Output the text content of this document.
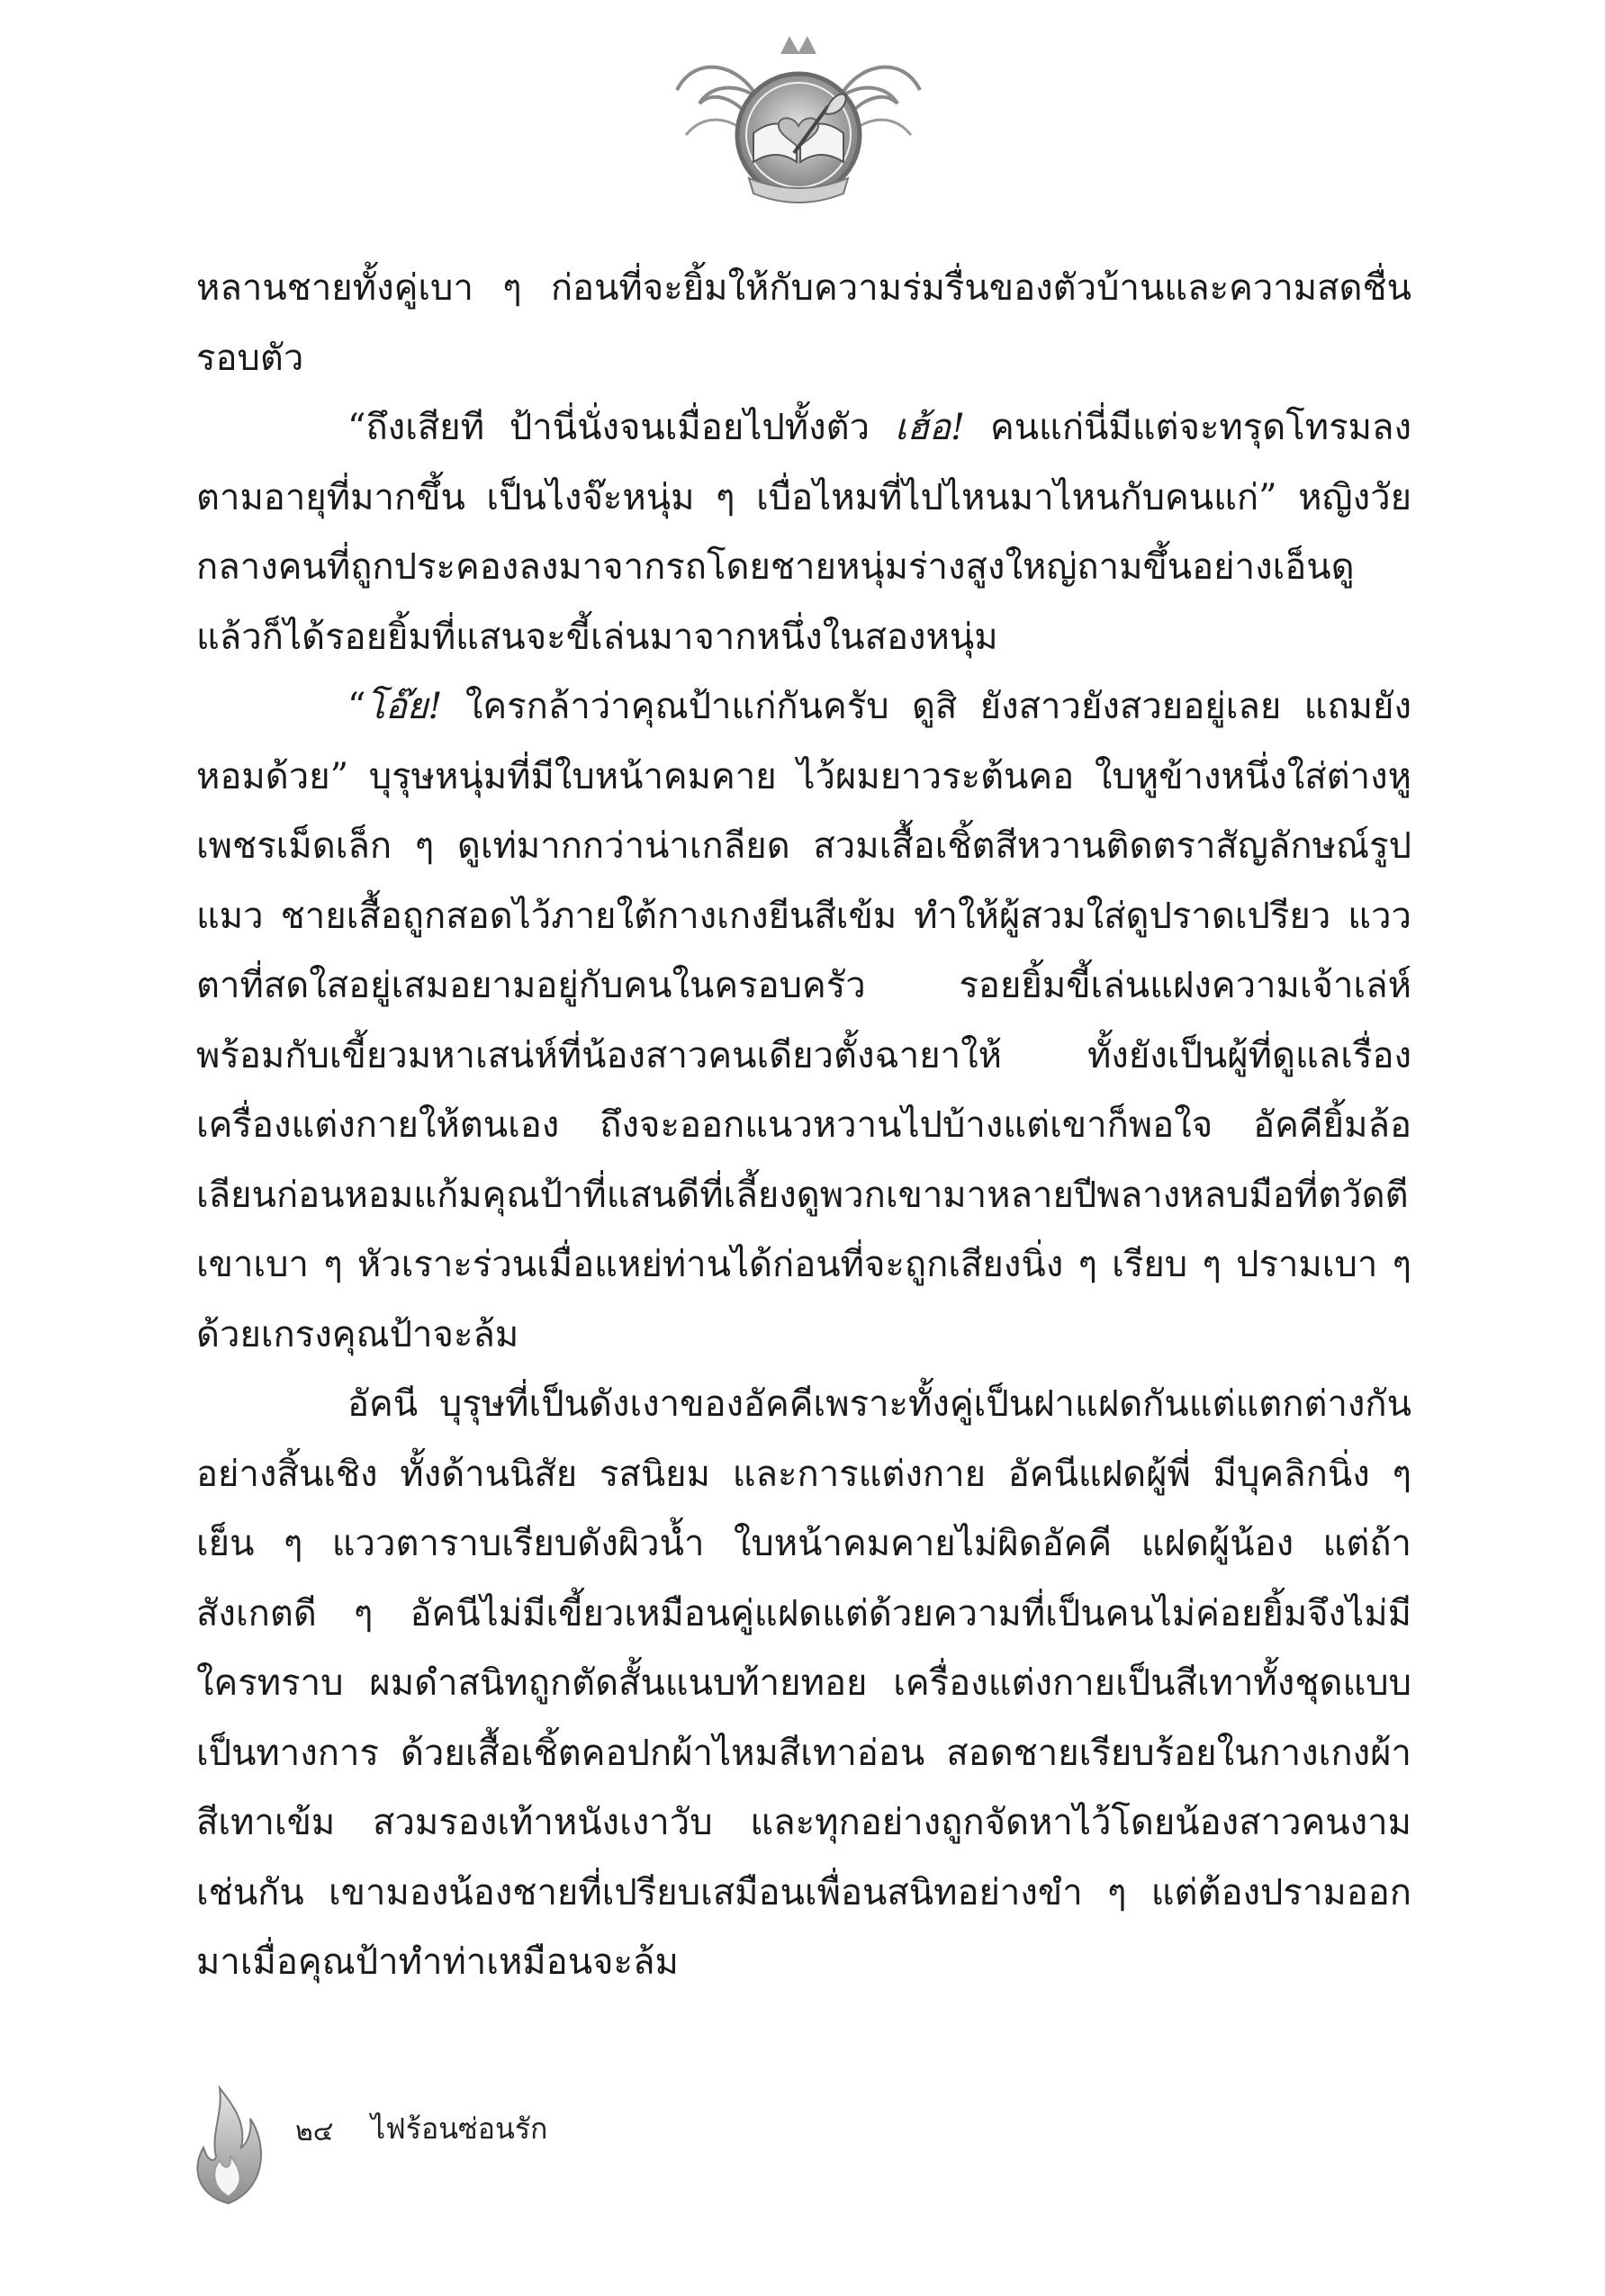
หลานชายทั้งคู่เบา ๆ ก่อนที่จะยิ้มให้กับความร่มรื่นของตัวบ้านและความสดชื่นรอบตัว

“ถึงเสียที ป้านี่นั่งจนเมื่อยไปทั้งตัว เฮ้อ! คนแก่นี่มีแต่จะทรุดโทรมลงตามอายุที่มากขึ้น เป็นไงจ๊ะหนุ่ม ๆ เบื่อไหมที่ไปไหนมาไหนกับคนแก่” หญิงวัยกลางคนที่ถูกประคองลงมาจากรถโดยชายหนุ่มร่างสูงใหญ่ถามขึ้นอย่างเอ็นดู แล้วก็ได้รอยยิ้มที่แสนจะขี้เล่นมาจากหนึ่งในสองหนุ่ม

“โอ๊ย! ใครกล้าว่าคุณป้าแก่กันครับ ดูสิ ยังสาวยังสวยอยู่เลย แถมยังหอมด้วย” บุรุษหนุ่มที่มีใบหน้าคมคาย ไว้ผมยาวระต้นคอ ใบหูข้างหนึ่งใส่ต่างหูเพชรเม็ดเล็ก ๆ ดูเท่มากกว่าน่าเกลียด สวมเสื้อเชิ้ตสีหวานติดตราสัญลักษณ์รูปแมว ชายเสื้อถูกสอดไว้ภายใต้กางเกงยีนสีเข้ม ทำให้ผู้สวมใส่ดูปราดเปรียว แววตาที่สดใสอยู่เสมอยามอยู่กับคนในครอบครัว รอยยิ้มขี้เล่นแฝงความเจ้าเล่ห์พร้อมกับเขี้ยวมหาเสน่ห์ที่น้องสาวคนเดียวตั้งฉายาให้ ทั้งยังเป็นผู้ที่ดูแลเรื่องเครื่องแต่งกายให้ตนเอง ถึงจะออกแนวหวานไปบ้างแต่เขาก็พอใจ อัคคียิ้มล้อเลียนก่อนหอมแก้มคุณป้าที่แสนดีที่เลี้ยงดูพวกเขามาหลายปีพลางหลบมือที่ตวัดตีเขาเบา ๆ หัวเราะร่วนเมื่อแหย่ท่านได้ก่อนที่จะถูกเสียงนิ่ง ๆ เรียบ ๆ ปรามเบา ๆ ด้วยเกรงคุณป้าจะล้ม

อัคนี บุรุษที่เป็นดังเงาของอัคคีเพราะทั้งคู่เป็นฝาแฝดกันแต่แตกต่างกันอย่างสิ้นเชิง ทั้งด้านนิสัย รสนิยม และการแต่งกาย อัคนีแฝดผู้พี่ มีบุคลิกนิ่ง ๆ เย็น ๆ แววตาราบเรียบดังผิวน้ำ ใบหน้าคมคายไม่ผิดอัคคี แฝดผู้น้อง แต่ถ้าสังเกตดี ๆ อัคนีไม่มีเขี้ยวเหมือนคู่แฝดแต่ด้วยความที่เป็นคนไม่ค่อยยิ้มจึงไม่มีใครทราบ ผมดำสนิทถูกตัดสั้นแนบท้ายทอย เครื่องแต่งกายเป็นสีเทาทั้งชุดแบบเป็นทางการ ด้วยเสื้อเชิ้ตคอปกผ้าไหมสีเทาอ่อน สอดชายเรียบร้อยในกางเกงผ้าสีเทาเข้ม สวมรองเท้าหนังเงาวับ และทุกอย่างถูกจัดหาไว้โดยน้องสาวคนงามเช่นกัน เขามองน้องชายที่เปรียบเสมือนเพื่อนสนิทอย่างขำ ๆ แต่ต้องปรามออกมาเมื่อคุณป้าทำท่าเหมือนจะล้ม

๒๔ ไฟร้อนซ่อนรัก
